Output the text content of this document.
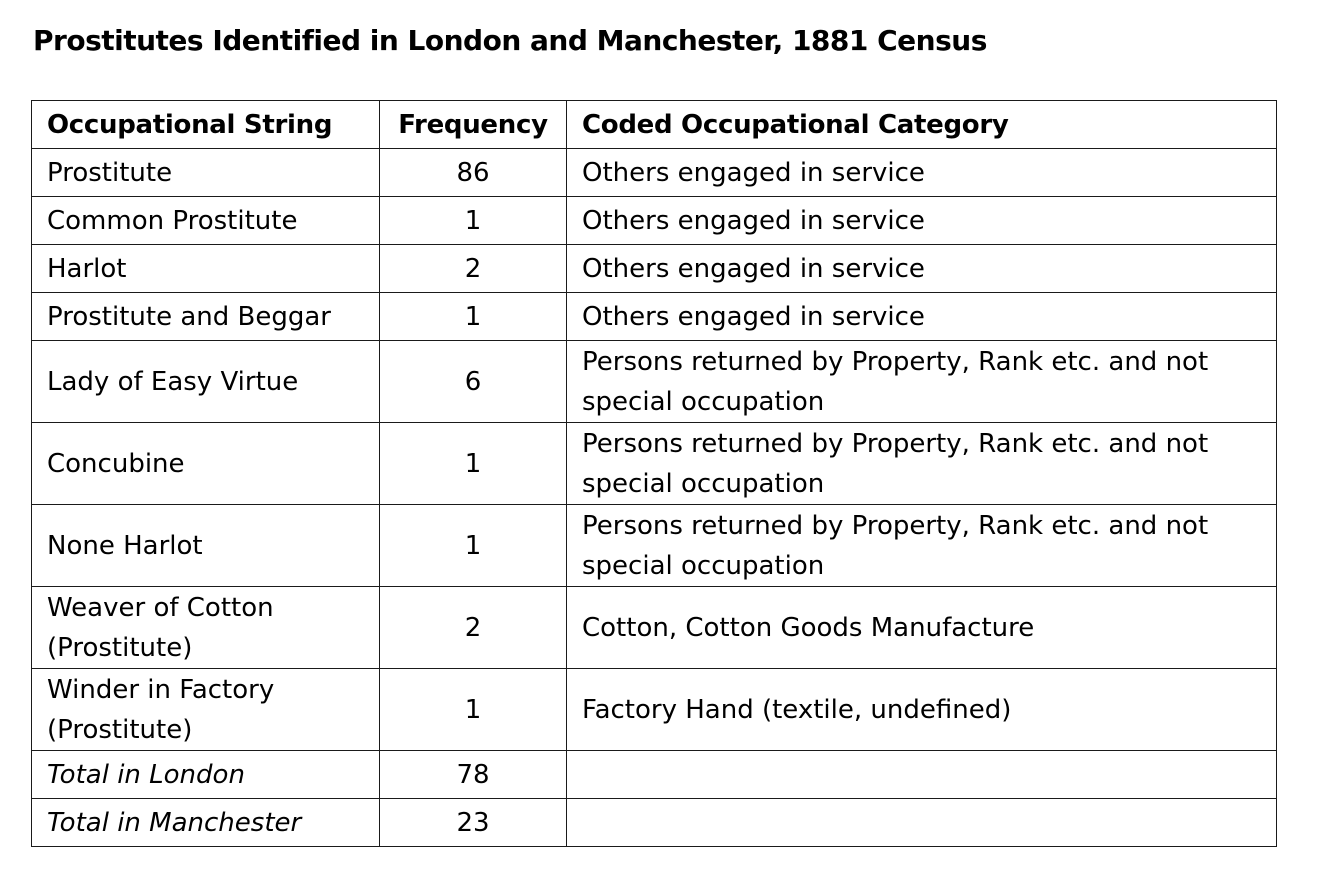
Prostitutes Identified in London and Manchester, 1881 Census
Occupational String	Frequency	Coded Occupational Category
Prostitute	86	Others engaged in service
Common Prostitute	1	Others engaged in service
Harlot	2	Others engaged in service
Prostitute and Beggar	1	Others engaged in service
Lady of Easy Virtue	6	Persons returned by Property, Rank etc. and not special occupation
Concubine	1	Persons returned by Property, Rank etc. and not special occupation
None Harlot	1	Persons returned by Property, Rank etc. and not special occupation
Weaver of Cotton (Prostitute)	2	Cotton, Cotton Goods Manufacture
Winder in Factory (Prostitute)	1	Factory Hand (textile, undefined)
Total in London	78	
Total in Manchester	23	
